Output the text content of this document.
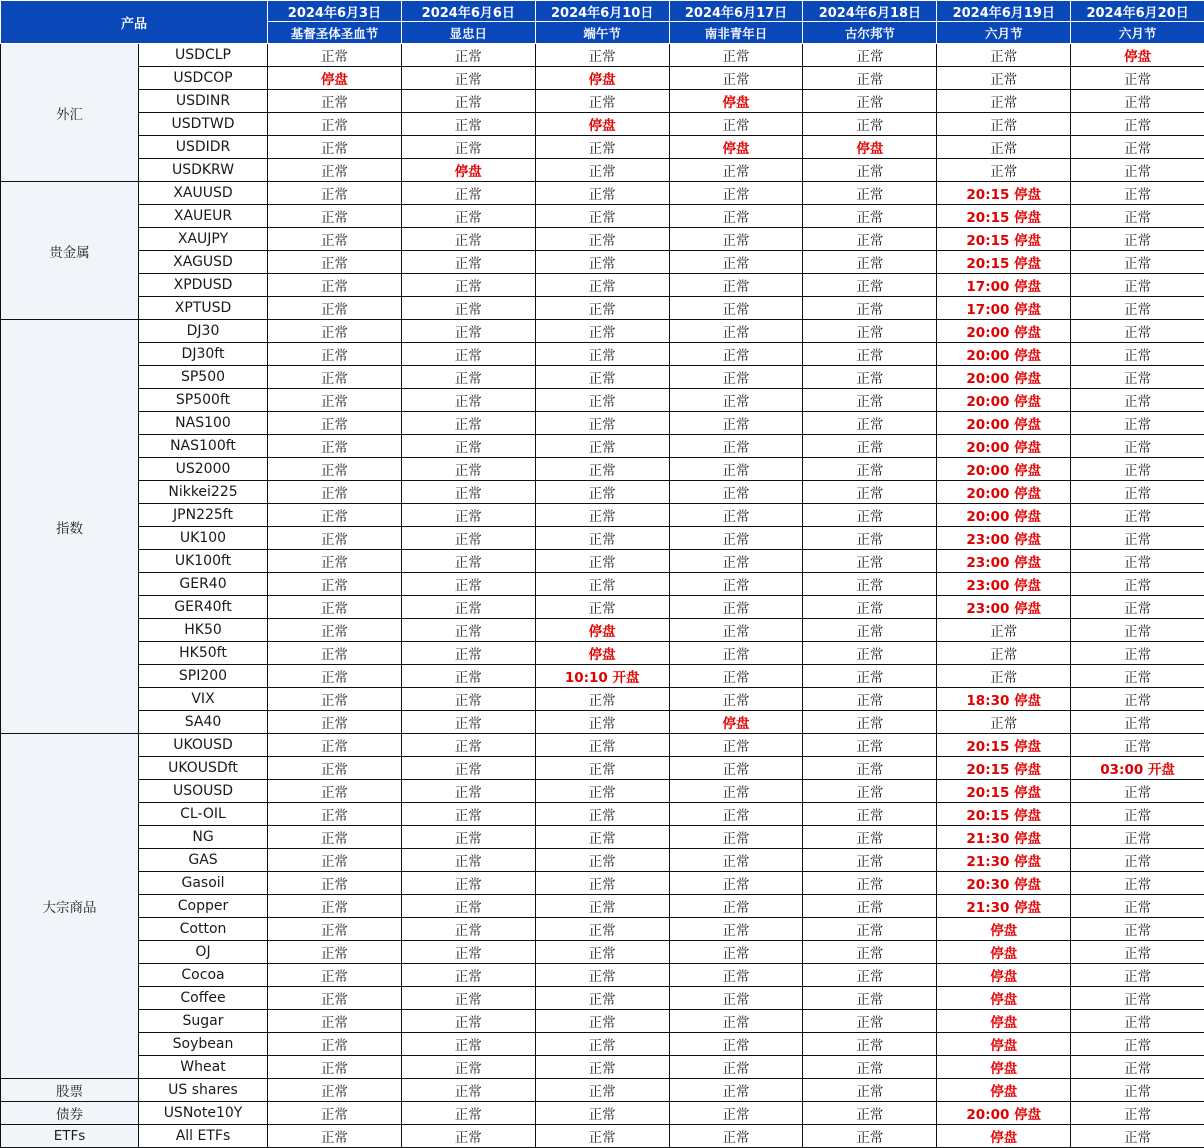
产品		2024年6月3日	2024年6月6日	2024年6月10日	2024年6月17日	2024年6月18日	2024年6月19日	2024年6月20日
		基督圣体圣血节	显忠日	端午节	南非青年日	古尔邦节	六月节	六月节
外汇	USDCLP	正常	正常	正常	正常	正常	正常	停盘
	USDCOP	停盘	正常	停盘	正常	正常	正常	正常
	USDINR	正常	正常	正常	停盘	正常	正常	正常
	USDTWD	正常	正常	停盘	正常	正常	正常	正常
	USDIDR	正常	正常	正常	停盘	停盘	正常	正常
	USDKRW	正常	停盘	正常	正常	正常	正常	正常
贵金属	XAUUSD	正常	正常	正常	正常	正常	20:15 停盘	正常
	XAUEUR	正常	正常	正常	正常	正常	20:15 停盘	正常
	XAUJPY	正常	正常	正常	正常	正常	20:15 停盘	正常
	XAGUSD	正常	正常	正常	正常	正常	20:15 停盘	正常
	XPDUSD	正常	正常	正常	正常	正常	17:00 停盘	正常
	XPTUSD	正常	正常	正常	正常	正常	17:00 停盘	正常
指数	DJ30	正常	正常	正常	正常	正常	20:00 停盘	正常
	DJ30ft	正常	正常	正常	正常	正常	20:00 停盘	正常
	SP500	正常	正常	正常	正常	正常	20:00 停盘	正常
	SP500ft	正常	正常	正常	正常	正常	20:00 停盘	正常
	NAS100	正常	正常	正常	正常	正常	20:00 停盘	正常
	NAS100ft	正常	正常	正常	正常	正常	20:00 停盘	正常
	US2000	正常	正常	正常	正常	正常	20:00 停盘	正常
	Nikkei225	正常	正常	正常	正常	正常	20:00 停盘	正常
	JPN225ft	正常	正常	正常	正常	正常	20:00 停盘	正常
	UK100	正常	正常	正常	正常	正常	23:00 停盘	正常
	UK100ft	正常	正常	正常	正常	正常	23:00 停盘	正常
	GER40	正常	正常	正常	正常	正常	23:00 停盘	正常
	GER40ft	正常	正常	正常	正常	正常	23:00 停盘	正常
	HK50	正常	正常	停盘	正常	正常	正常	正常
	HK50ft	正常	正常	停盘	正常	正常	正常	正常
	SPI200	正常	正常	10:10 开盘	正常	正常	正常	正常
	VIX	正常	正常	正常	正常	正常	18:30 停盘	正常
	SA40	正常	正常	正常	停盘	正常	正常	正常
大宗商品	UKOUSD	正常	正常	正常	正常	正常	20:15 停盘	正常
	UKOUSDft	正常	正常	正常	正常	正常	20:15 停盘	03:00 开盘
	USOUSD	正常	正常	正常	正常	正常	20:15 停盘	正常
	CL-OIL	正常	正常	正常	正常	正常	20:15 停盘	正常
	NG	正常	正常	正常	正常	正常	21:30 停盘	正常
	GAS	正常	正常	正常	正常	正常	21:30 停盘	正常
	Gasoil	正常	正常	正常	正常	正常	20:30 停盘	正常
	Copper	正常	正常	正常	正常	正常	21:30 停盘	正常
	Cotton	正常	正常	正常	正常	正常	停盘	正常
	OJ	正常	正常	正常	正常	正常	停盘	正常
	Cocoa	正常	正常	正常	正常	正常	停盘	正常
	Coffee	正常	正常	正常	正常	正常	停盘	正常
	Sugar	正常	正常	正常	正常	正常	停盘	正常
	Soybean	正常	正常	正常	正常	正常	停盘	正常
	Wheat	正常	正常	正常	正常	正常	停盘	正常
股票	US shares	正常	正常	正常	正常	正常	停盘	正常
债券	USNote10Y	正常	正常	正常	正常	正常	20:00 停盘	正常
ETFs	All ETFs	正常	正常	正常	正常	正常	停盘	正常
